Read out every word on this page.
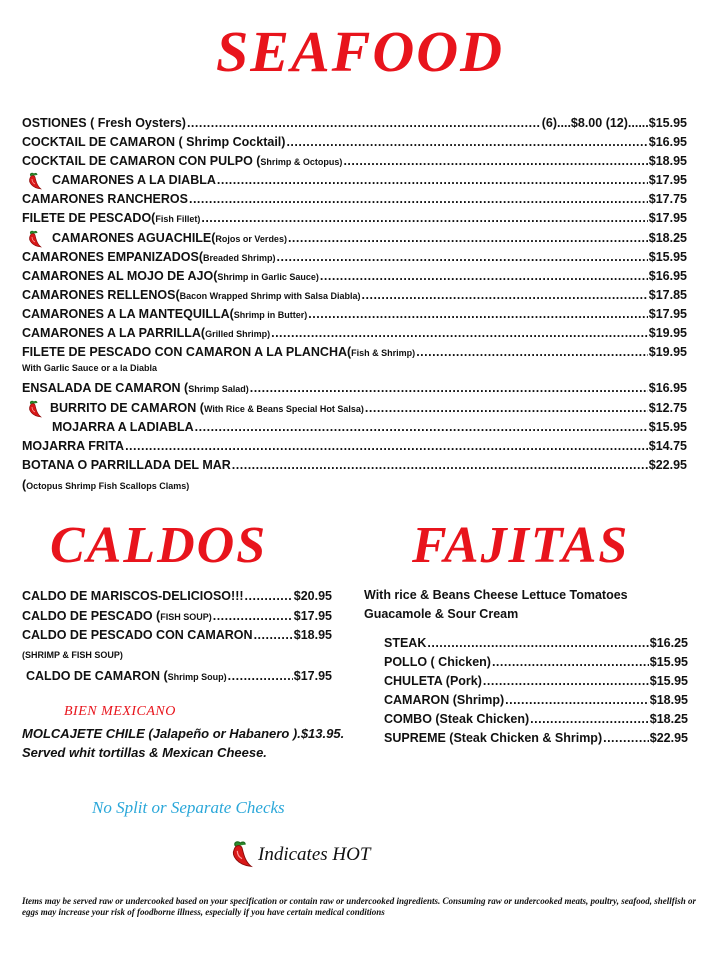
SEAFOOD
OSTIONES ( Fresh Oysters) .....	(6)....$8.00 (12)......$15.95
COCKTAIL DE CAMARON ( Shrimp Cocktail) .....	$16.95
COCKTAIL DE CAMARON CON PULPO ( Shrimp & Octopus) .....	$18.95
CAMARONES A LA DIABLA .....	$17.95
CAMARONES RANCHEROS .....	$17.75
FILETE DE PESCADO( Fish Fillet) .....	$17.95
CAMARONES AGUACHILE( Rojos or Verdes) .....	$18.25
CAMARONES EMPANIZADOS( Breaded Shrimp) .....	$15.95
CAMARONES AL MOJO DE AJO( Shrimp in Garlic Sauce) .....	$16.95
CAMARONES RELLENOS( Bacon Wrapped Shrimp with Salsa Diabla) .....	$17.85
CAMARONES A LA MANTEQUILLA( Shrimp in Butter) .....	$17.95
CAMARONES A LA PARRILLA( Grilled Shrimp) .....	$19.95
FILETE DE PESCADO CON CAMARON A LA PLANCHA( Fish & Shrimp) .....	$19.95
With Garlic Sauce or a la Diabla
ENSALADA DE CAMARON ( Shrimp Salad) .....	$16.95
BURRITO DE CAMARON ( With Rice & Beans Special Hot Salsa) .....	$12.75
MOJARRA A LADIABLA .....	$15.95
MOJARRA FRITA .....	$14.75
BOTANA O PARRILLADA DEL MAR .....	$22.95
(Octopus Shrimp Fish Scallops Clams)
CALDOS	FAJITAS
CALDO DE MARISCOS-DELICIOSO!!! .....	$20.95
CALDO DE PESCADO ( FISH SOUP) .....	$17.95
CALDO DE PESCADO CON CAMARON .....	$18.95
(SHRIMP & FISH SOUP)
CALDO DE CAMARON ( Shrimp Soup) .....	$17.95
BIEN MEXICANO
MOLCAJETE CHILE (Jalapeño or Habanero ).$13.95.
Served whit tortillas & Mexican Cheese.
With rice & Beans Cheese Lettuce Tomatoes Guacamole & Sour Cream
STEAK .....	$16.25
POLLO ( Chicken) .....	$15.95
CHULETA (Pork) .....	$15.95
CAMARON (Shrimp) .....	$18.95
COMBO (Steak Chicken) .....	$18.25
SUPREME (Steak Chicken & Shrimp) .....	$22.95
No Split or Separate Checks
Indicates HOT
Items may be served raw or undercooked based on your specification or contain raw or undercooked ingredients. Consuming raw or undercooked meats, poultry, seafood, shellfish or eggs may increase your risk of foodborne illness, especially if you have certain medical conditions
